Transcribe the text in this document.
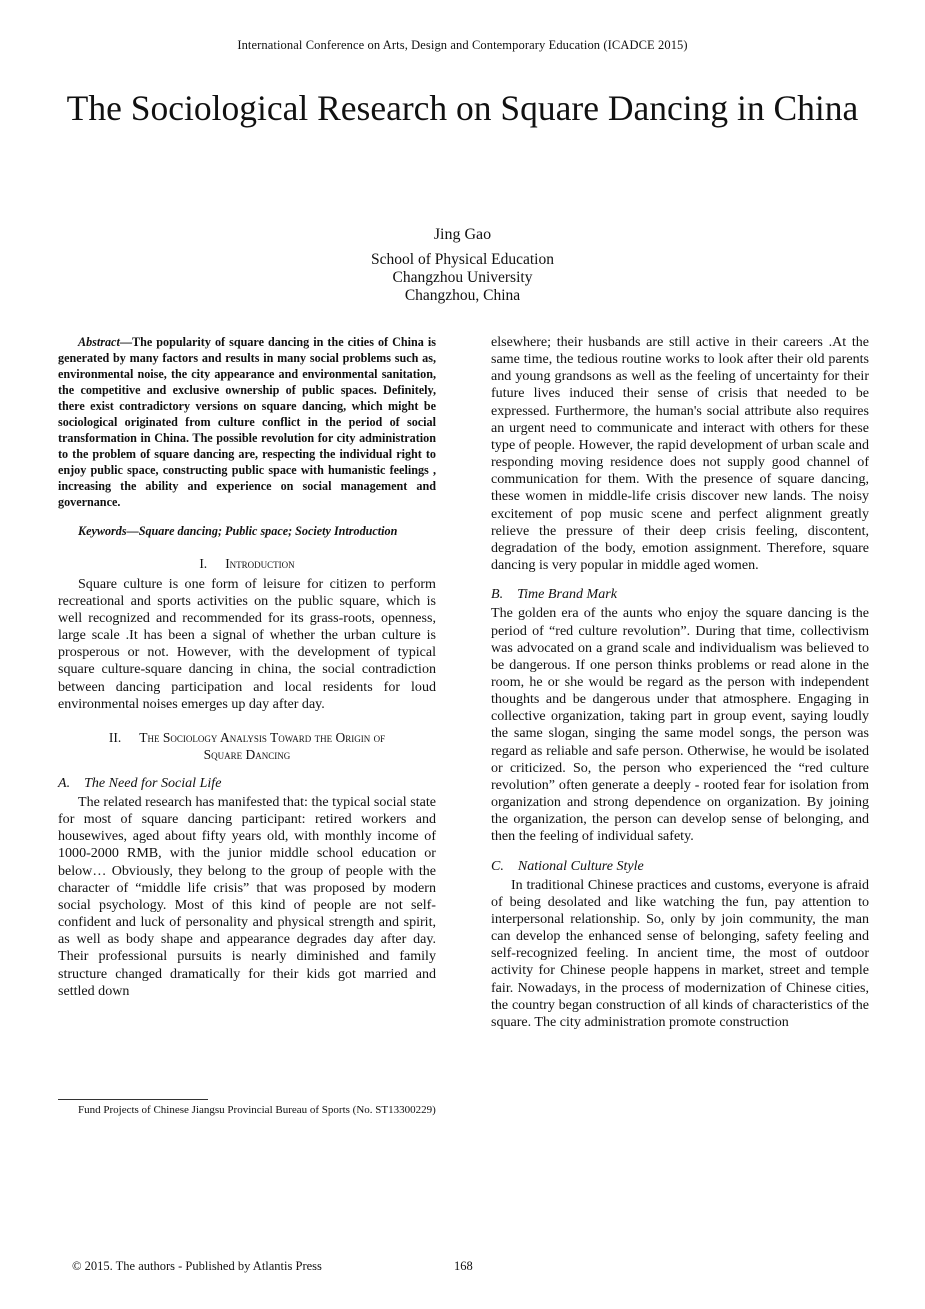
International Conference on Arts, Design and Contemporary Education (ICADCE 2015)
The Sociological Research on Square Dancing in China
Jing Gao
School of Physical Education
Changzhou University
Changzhou, China

Abstract—The popularity of square dancing in the cities of China is generated by many factors and results in many social problems such as, environmental noise, the city appearance and environmental sanitation, the competitive and exclusive ownership of public spaces. Definitely, there exist contradictory versions on square dancing, which might be sociological originated from culture conflict in the period of social transformation in China. The possible revolution for city administration to the problem of square dancing are, respecting the individual right to enjoy public space, constructing public space with humanistic feelings , increasing the ability and experience on social management and governance.

Keywords—Square dancing; Public space; Society Introduction

I. Introduction

Square culture is one form of leisure for citizen to perform recreational and sports activities on the public square, which is well recognized and recommended for its grass-roots, openness, large scale .It has been a signal of whether the urban culture is prosperous or not. However, with the development of typical square culture-square dancing in china, the social contradiction between dancing participation and local residents for loud environmental noises emerges up day after day.

II. The Sociology Analysis Toward the Origin of
Square Dancing
A. The Need for Social Life

The related research has manifested that: the typical social state for most of square dancing participant: retired workers and housewives, aged about fifty years old, with monthly income of 1000-2000 RMB, with the junior middle school education or below… Obviously, they belong to the group of people with the character of “middle life crisis” that was proposed by modern social psychology. Most of this kind of people are not self-confident and luck of personality and physical strength and spirit, as well as body shape and appearance degrades day after day. Their professional pursuits is nearly diminished and family structure changed dramatically for their kids got married and settled down

Fund Projects of Chinese Jiangsu Provincial Bureau of Sports (No. ST13300229)

elsewhere; their husbands are still active in their careers .At the same time, the tedious routine works to look after their old parents and young grandsons as well as the feeling of uncertainty for their future lives induced their sense of crisis that needed to be expressed. Furthermore, the human's social attribute also requires an urgent need to communicate and interact with others for these type of people. However, the rapid development of urban scale and responding moving residence does not supply good channel of communication for them. With the presence of square dancing, these women in middle-life crisis discover new lands. The noisy excitement of pop music scene and perfect alignment greatly relieve the pressure of their deep crisis feeling, discontent, degradation of the body, emotion assignment. Therefore, square dancing is very popular in middle aged women.

B. Time Brand Mark

The golden era of the aunts who enjoy the square dancing is the period of “red culture revolution”. During that time, collectivism was advocated on a grand scale and individualism was believed to be dangerous. If one person thinks problems or read alone in the room, he or she would be regard as the person with independent thoughts and be dangerous under that atmosphere. Engaging in collective organization, taking part in group event, saying loudly the same slogan, singing the same model songs, the person was regard as reliable and safe person. Otherwise, he would be isolated or criticized. So, the person who experienced the “red culture revolution” often generate a deeply - rooted fear for isolation from organization and strong dependence on organization. By joining the organization, the person can develop sense of belonging, and then the feeling of individual safety.

C. National Culture Style

In traditional Chinese practices and customs, everyone is afraid of being desolated and like watching the fun, pay attention to interpersonal relationship. So, only by join community, the man can develop the enhanced sense of belonging, safety feeling and self-recognized feeling. In ancient time, the most of outdoor activity for Chinese people happens in market, street and temple fair. Nowadays, in the process of modernization of Chinese cities, the country began construction of all kinds of characteristics of the square. The city administration promote construction

© 2015. The authors - Published by Atlantis Press	168
